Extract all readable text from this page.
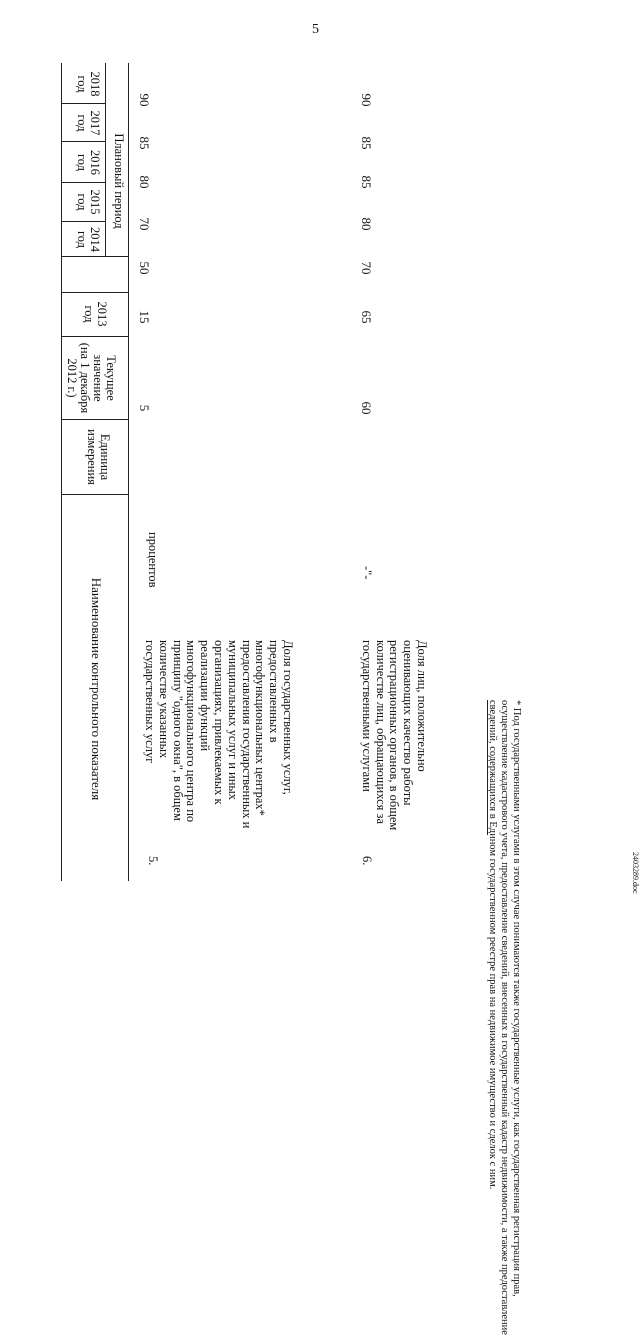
5
Наименование контрольного показателя
Единица
измерения
Текущее значение
(на 1 декабря
2012 г.)
2013
год
Плановый период
2014
год
2015
год
2016
год
2017
год
2018
год
5.
Доля государственных услуг,
предоставленных в
многофункциональных центрах*
предоставления государственных и
муниципальных услуг и иных
организациях, привлекаемых к
реализации функций
многофункционального центра по
принципу "одного окна", в общем
количестве указанных
государственных услуг
процентов
5
15
50
70
80
85
90
6.
Доля лиц, положительно
оценивающих качество работы
регистрационных органов, в общем
количестве лиц, обращающихся за
государственными услугами
-"-
60
65
70
80
85
85
90
* Под государственными услугами в этом случае понимаются также государственные услуги, как государственная регистрация прав,
осуществление кадастрового учета, предоставление сведений, внесенных в государственный кадастр недвижимости, а также предоставление
сведений, содержащихся в Едином государственном реестре прав на недвижимое имущество и сделок с ним.	2403289.doc
